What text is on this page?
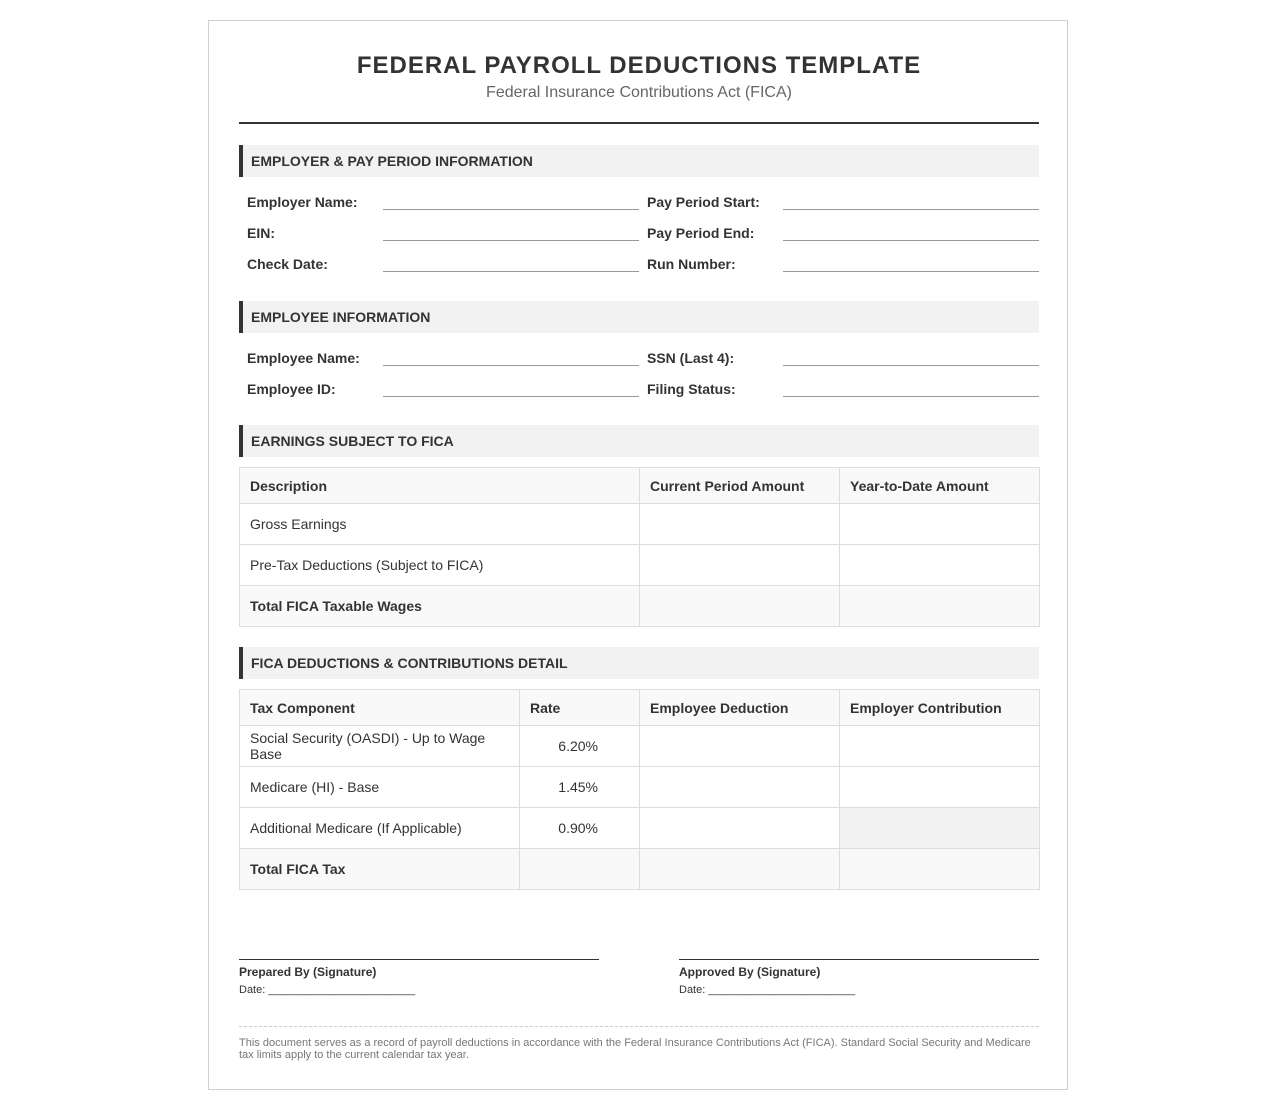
FEDERAL PAYROLL DEDUCTIONS TEMPLATE
Federal Insurance Contributions Act (FICA)
EMPLOYER & PAY PERIOD INFORMATION
Employer Name:	Pay Period Start:
EIN:	Pay Period End:
Check Date:	Run Number:
EMPLOYEE INFORMATION
Employee Name:	SSN (Last 4):
Employee ID:	Filing Status:
EARNINGS SUBJECT TO FICA
Description	Current Period Amount	Year-to-Date Amount
Gross Earnings		
Pre-Tax Deductions (Subject to FICA)		
Total FICA Taxable Wages		
FICA DEDUCTIONS & CONTRIBUTIONS DETAIL
Tax Component	Rate	Employee Deduction	Employer Contribution
Social Security (OASDI) - Up to Wage Base	6.20%		
Medicare (HI) - Base	1.45%		
Additional Medicare (If Applicable)	0.90%		
Total FICA Tax			
Prepared By (Signature)
Date: ________________________
Approved By (Signature)
Date: ________________________
This document serves as a record of payroll deductions in accordance with the Federal Insurance Contributions Act (FICA). Standard Social Security and Medicare tax limits apply to the current calendar tax year.
